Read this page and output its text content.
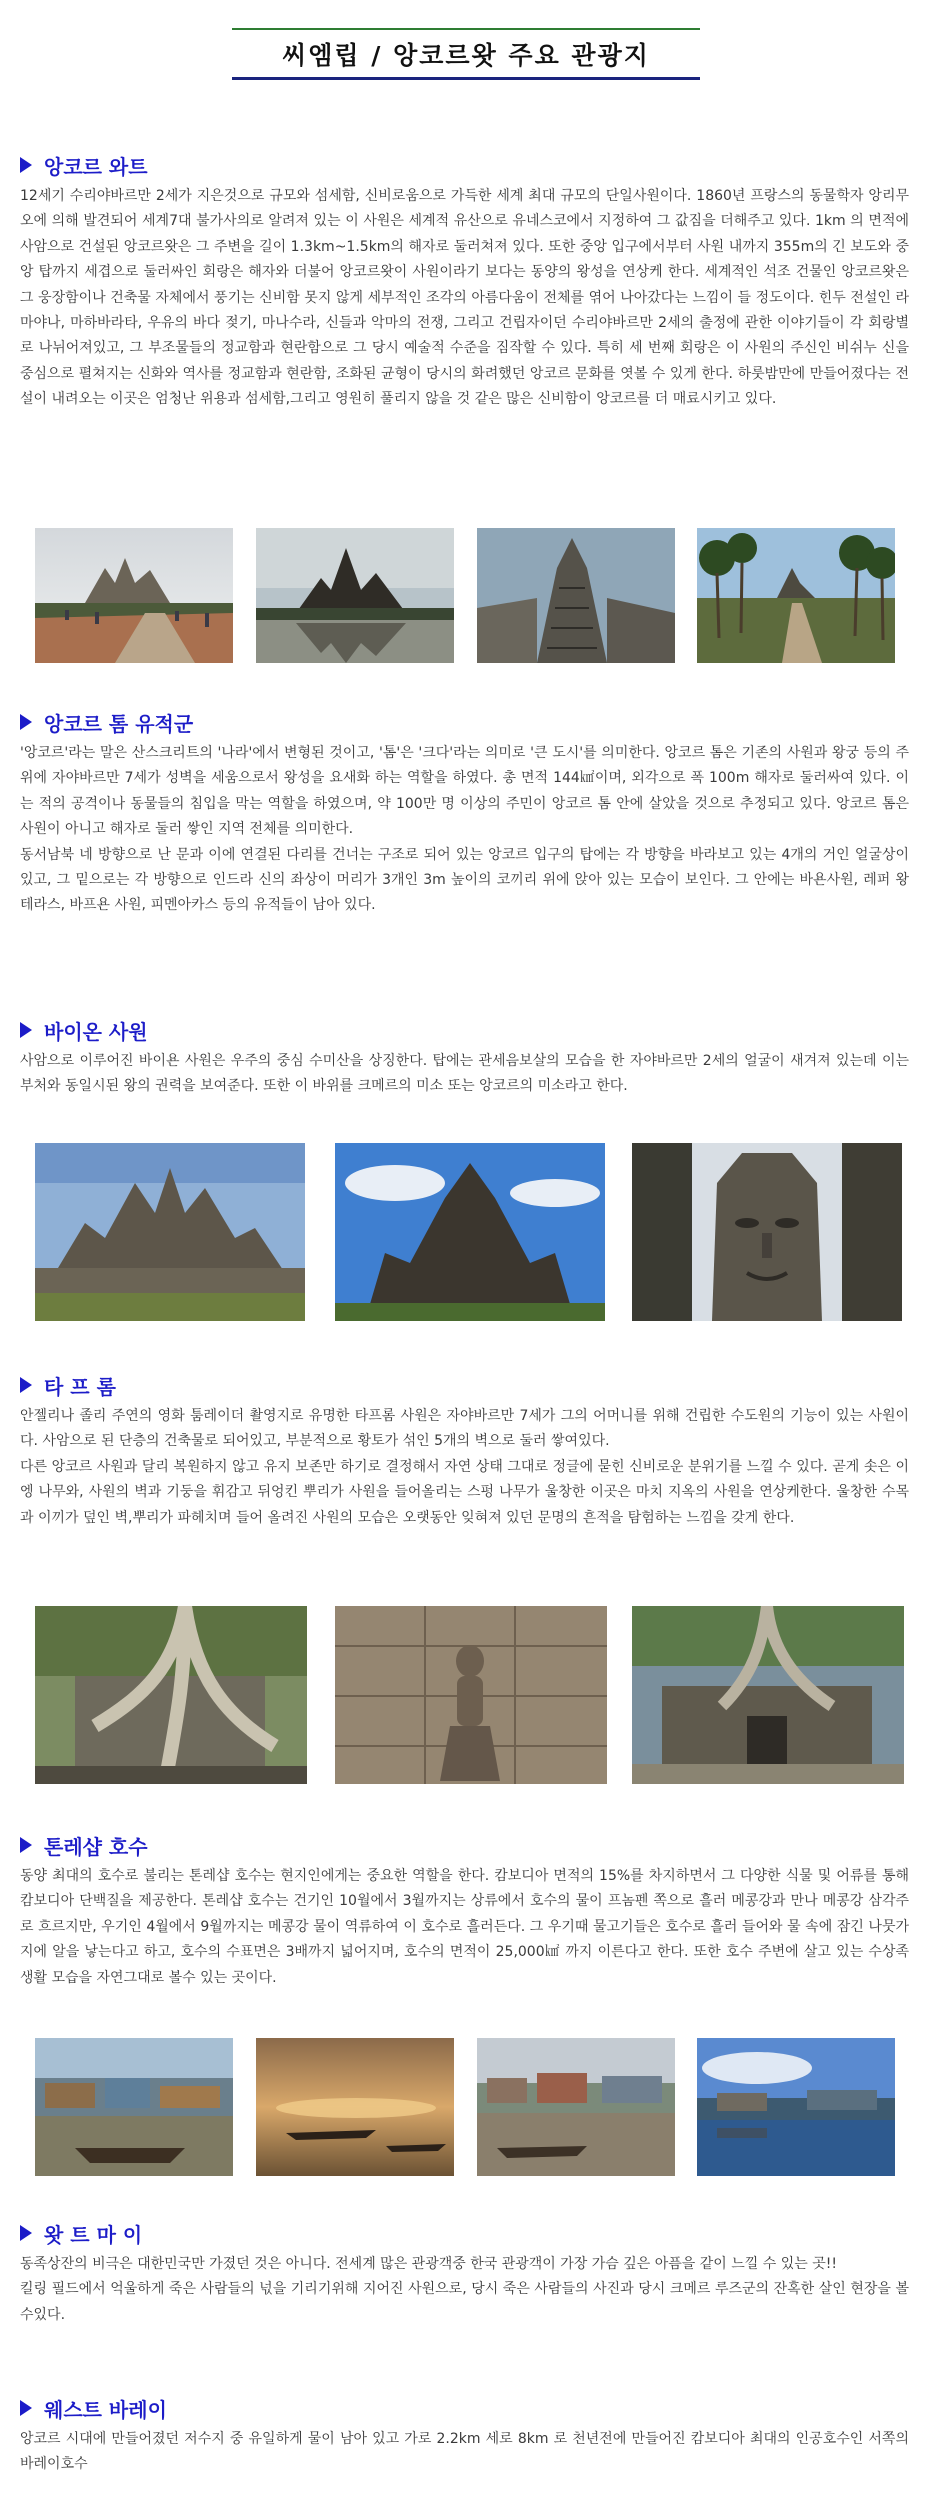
씨엠립 / 앙코르왓 주요 관광지
앙코르 와트

12세기 수리야바르만 2세가 지은것으로 규모와 섬세함, 신비로움으로 가득한 세계 최대 규모의 단일사원이다. 1860년 프랑스의 동물학자 앙리무오에 의해 발견되어 세계7대 불가사의로 알려져 있는 이 사원은 세계적 유산으로 유네스코에서 지정하여 그 값짐을 더해주고 있다. 1km 의 면적에 사암으로 건설된 앙코르왓은 그 주변을 길이 1.3km~1.5km의 해자로 둘러쳐져 있다. 또한 중앙 입구에서부터 사원 내까지 355m의 긴 보도와 중앙 탑까지 세겹으로 둘러싸인 회랑은 해자와 더불어 앙코르왓이 사원이라기 보다는 동양의 왕성을 연상케 한다. 세계적인 석조 건물인 앙코르왓은 그 웅장함이나 건축물 자체에서 풍기는 신비함 못지 않게 세부적인 조각의 아름다움이 전체를 엮어 나아갔다는 느낌이 들 정도이다. 힌두 전설인 라마야나, 마하바라타, 우유의 바다 젖기, 마나수라, 신들과 악마의 전쟁, 그리고 건립자이던 수리야바르만 2세의 출정에 관한 이야기들이 각 회랑별로 나뉘어져있고, 그 부조물들의 정교함과 현란함으로 그 당시 예술적 수준을 짐작할 수 있다. 특히 세 번째 회랑은 이 사원의 주신인 비쉬누 신을 중심으로 펼쳐지는 신화와 역사를 정교함과 현란함, 조화된 균형이 당시의 화려했던 앙코르 문화를 엿볼 수 있게 한다. 하룻밤만에 만들어졌다는 전설이 내려오는 이곳은 엄청난 위용과 섬세함,그리고 영원히 풀리지 않을 것 같은 많은 신비함이 앙코르를 더 매료시키고 있다.

앙코르 톰 유적군

'앙코르'라는 말은 산스크리트의 '나라'에서 변형된 것이고, '톰'은 '크다'라는 의미로 '큰 도시'를 의미한다. 앙코르 톰은 기존의 사원과 왕궁 등의 주위에 자야바르만 7세가 성벽을 세움으로서 왕성을 요새화 하는 역할을 하였다. 총 면적 144㎢이며, 외각으로 폭 100m 해자로 둘러싸여 있다. 이는 적의 공격이나 동물들의 침입을 막는 역할을 하였으며, 약 100만 명 이상의 주민이 앙코르 톰 안에 살았을 것으로 추정되고 있다. 앙코르 톰은 사원이 아니고 해자로 둘러 쌓인 지역 전체를 의미한다.

동서남북 네 방향으로 난 문과 이에 연결된 다리를 건너는 구조로 되어 있는 앙코르 입구의 탑에는 각 방향을 바라보고 있는 4개의 거인 얼굴상이 있고, 그 밑으로는 각 방향으로 인드라 신의 좌상이 머리가 3개인 3m 높이의 코끼리 위에 앉아 있는 모습이 보인다. 그 안에는 바욘사원, 레퍼 왕 테라스, 바프욘 사원, 피멘아카스 등의 유적들이 남아 있다.

바이온 사원

사암으로 이루어진 바이욘 사원은 우주의 중심 수미산을 상징한다. 탑에는 관세음보살의 모습을 한 자야바르만 2세의 얼굴이 새겨져 있는데 이는 부처와 동일시된 왕의 권력을 보여준다. 또한 이 바위를 크메르의 미소 또는 앙코르의 미소라고 한다.

타 프 롬

안젤리나 졸리 주연의 영화 툼레이더 촬영지로 유명한 타프롬 사원은 자야바르만 7세가 그의 어머니를 위해 건립한 수도원의 기능이 있는 사원이다. 사암으로 된 단층의 건축물로 되어있고, 부분적으로 황토가 섞인 5개의 벽으로 둘러 쌓여있다.

다른 앙코르 사원과 달리 복원하지 않고 유지 보존만 하기로 결정해서 자연 상태 그대로 정글에 묻힌 신비로운 분위기를 느낄 수 있다. 곧게 솟은 이엥 나무와, 사원의 벽과 기둥을 휘감고 뒤엉킨 뿌리가 사원을 들어올리는 스펑 나무가 울창한 이곳은 마치 지옥의 사원을 연상케한다. 울창한 수목과 이끼가 덮인 벽,뿌리가 파헤치며 들어 올려진 사원의 모습은 오랫동안 잊혀져 있던 문명의 흔적을 탐험하는 느낌을 갖게 한다.

톤레샵 호수

동양 최대의 호수로 불리는 톤레샵 호수는 현지인에게는 중요한 역할을 한다. 캄보디아 면적의 15%를 차지하면서 그 다양한 식물 및 어류를 통해 캄보디아 단백질을 제공한다. 톤레샵 호수는 건기인 10월에서 3월까지는 상류에서 호수의 물이 프놈펜 쪽으로 흘러 메콩강과 만나 메콩강 삼각주로 흐르지만, 우기인 4월에서 9월까지는 메콩강 물이 역류하여 이 호수로 흘러든다. 그 우기때 물고기들은 호수로 흘러 들어와 물 속에 잠긴 나뭇가지에 알을 낳는다고 하고, 호수의 수표면은 3배까지 넓어지며, 호수의 면적이 25,000㎢ 까지 이른다고 한다. 또한 호수 주변에 살고 있는 수상족 생활 모습을 자연그대로 볼수 있는 곳이다.

왓 트 마 이

동족상잔의 비극은 대한민국만 가졌던 것은 아니다. 전세계 많은 관광객중 한국 관광객이 가장 가슴 깊은 아픔을 같이 느낄 수 있는 곳!!

킬링 필드에서 억울하게 죽은 사람들의 넋을 기리기위해 지어진 사원으로, 당시 죽은 사람들의 사진과 당시 크메르 루즈군의 잔혹한 살인 현장을 볼수있다.

웨스트 바레이

앙코르 시대에 만들어졌던 저수지 중 유일하게 물이 남아 있고 가로 2.2km 세로 8km 로 천년전에 만들어진 캄보디아 최대의 인공호수인 서쪽의 바레이호수
